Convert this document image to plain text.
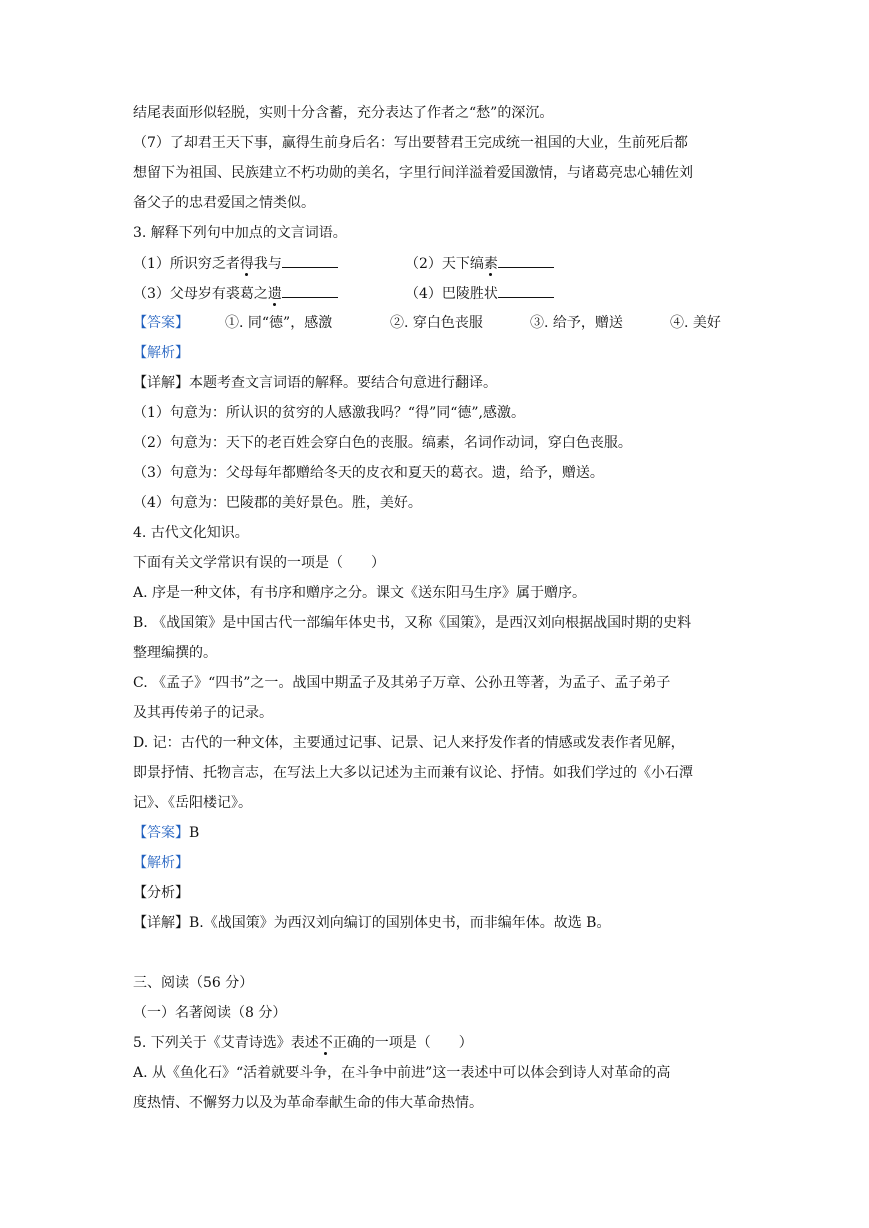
结尾表面形似轻脱，实则十分含蓄，充分表达了作者之“愁”的深沉。
（7）了却君王天下事，赢得生前身后名：写出要替君王完成统一祖国的大业，生前死后都
想留下为祖国、民族建立不朽功勋的美名，字里行间洋溢着爱国激情，与诸葛亮忠心辅佐刘
备父子的忠君爱国之情类似。
3. 解释下列句中加点的文言词语。
（1）所识穷乏者得我与	（2）天下缟素
（3）父母岁有裘葛之遗	（4）巴陵胜状
【答案】	①. 同“德”，感激	②. 穿白色丧服	③. 给予，赠送	④. 美好
【解析】
【详解】本题考查文言词语的解释。要结合句意进行翻译。
（1）句意为：所认识的贫穷的人感激我吗？“得”同“德”,感激。
（2）句意为：天下的老百姓会穿白色的丧服。缟素，名词作动词，穿白色丧服。
（3）句意为：父母每年都赠给冬天的皮衣和夏天的葛衣。遗，给予，赠送。
（4）句意为：巴陵郡的美好景色。胜，美好。
4. 古代文化知识。
下面有关文学常识有误的一项是（　　）
A. 序是一种文体，有书序和赠序之分。课文《送东阳马生序》属于赠序。
B. 《战国策》是中国古代一部编年体史书，又称《国策》，是西汉刘向根据战国时期的史料
整理编撰的。
C. 《孟子》“四书”之一。战国中期孟子及其弟子万章、公孙丑等著，为孟子、孟子弟子
及其再传弟子的记录。
D. 记：古代的一种文体，主要通过记事、记景、记人来抒发作者的情感或发表作者见解，
即景抒情、托物言志，在写法上大多以记述为主而兼有议论、抒情。如我们学过的《小石潭
记》、《岳阳楼记》。
【答案】B
【解析】
【分析】
【详解】B.《战国策》为西汉刘向编订的国别体史书，而非编年体。故选 B。
三、阅读（56 分）
（一）名著阅读（8 分）
5. 下列关于《艾青诗选》表述不正确的一项是（　　）
A. 从《鱼化石》“活着就要斗争，在斗争中前进”这一表述中可以体会到诗人对革命的高
度热情、不懈努力以及为革命奉献生命的伟大革命热情。
